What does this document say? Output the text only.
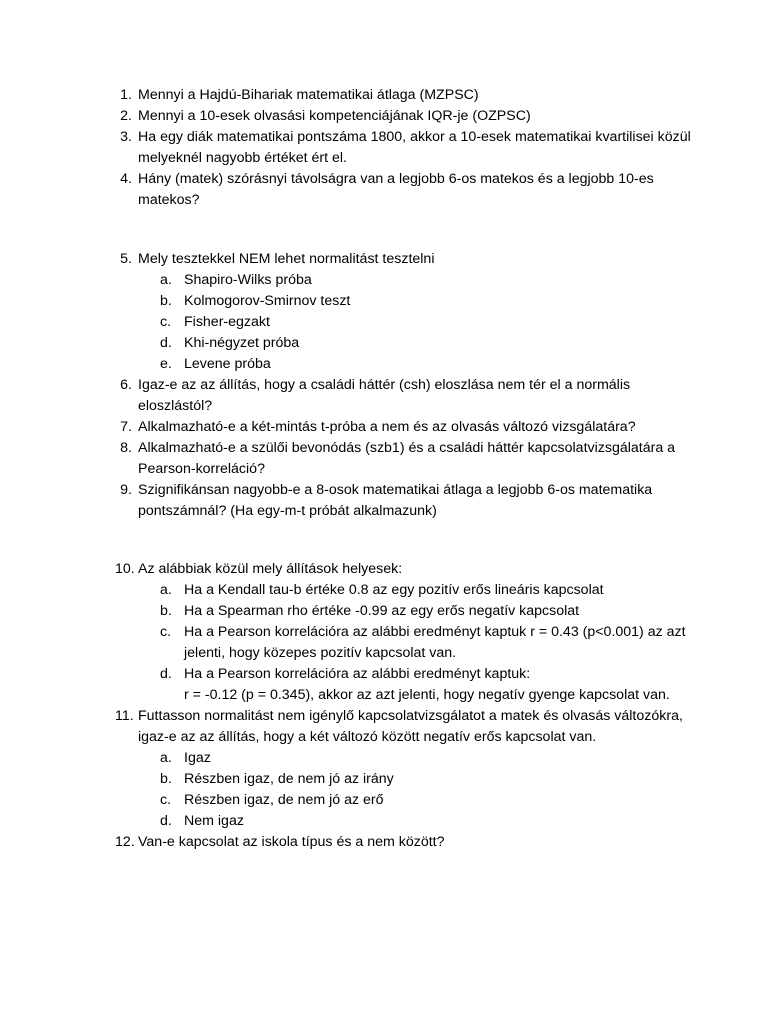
1. Mennyi a Hajdú-Bihariak matematikai átlaga (MZPSC)
2. Mennyi a 10-esek olvasási kompetenciájának IQR-je (OZPSC)
3. Ha egy diák matematikai pontszáma 1800, akkor a 10-esek matematikai kvartilisei közül melyeknél nagyobb értéket ért el.
4. Hány (matek) szórásnyi távolságra van a legjobb 6-os matekos és a legjobb 10-es matekos?
5. Mely tesztekkel NEM lehet normalitást tesztelni
a. Shapiro-Wilks próba
b. Kolmogorov-Smirnov teszt
c. Fisher-egzakt
d. Khi-négyzet próba
e. Levene próba
6. Igaz-e az az állítás, hogy a családi háttér (csh) eloszlása nem tér el a normális eloszlástól?
7. Alkalmazható-e a két-mintás t-próba a nem és az olvasás változó vizsgálatára?
8. Alkalmazható-e a szülői bevonódás (szb1) és a családi háttér kapcsolatvizsgálatára a Pearson-korreláció?
9. Szignifikánsan nagyobb-e a 8-osok matematikai átlaga a legjobb 6-os matematika pontszámnál? (Ha egy-m-t próbát alkalmazunk)
10. Az alábbiak közül mely állítások helyesek:
a. Ha a Kendall tau-b értéke 0.8 az egy pozitív erős lineáris kapcsolat
b. Ha a Spearman rho értéke -0.99 az egy erős negatív kapcsolat
c. Ha a Pearson korrelációra az alábbi eredményt kaptuk r = 0.43 (p<0.001) az azt jelenti, hogy közepes pozitív kapcsolat van.
d. Ha a Pearson korrelációra az alábbi eredményt kaptuk:
r = -0.12 (p = 0.345), akkor az azt jelenti, hogy negatív gyenge kapcsolat van.
11. Futtasson normalitást nem igénylő kapcsolatvizsgálatot a matek és olvasás változókra, igaz-e az az állítás, hogy a két változó között negatív erős kapcsolat van.
a. Igaz
b. Részben igaz, de nem jó az irány
c. Részben igaz, de nem jó az erő
d. Nem igaz
12. Van-e kapcsolat az iskola típus és a nem között?
